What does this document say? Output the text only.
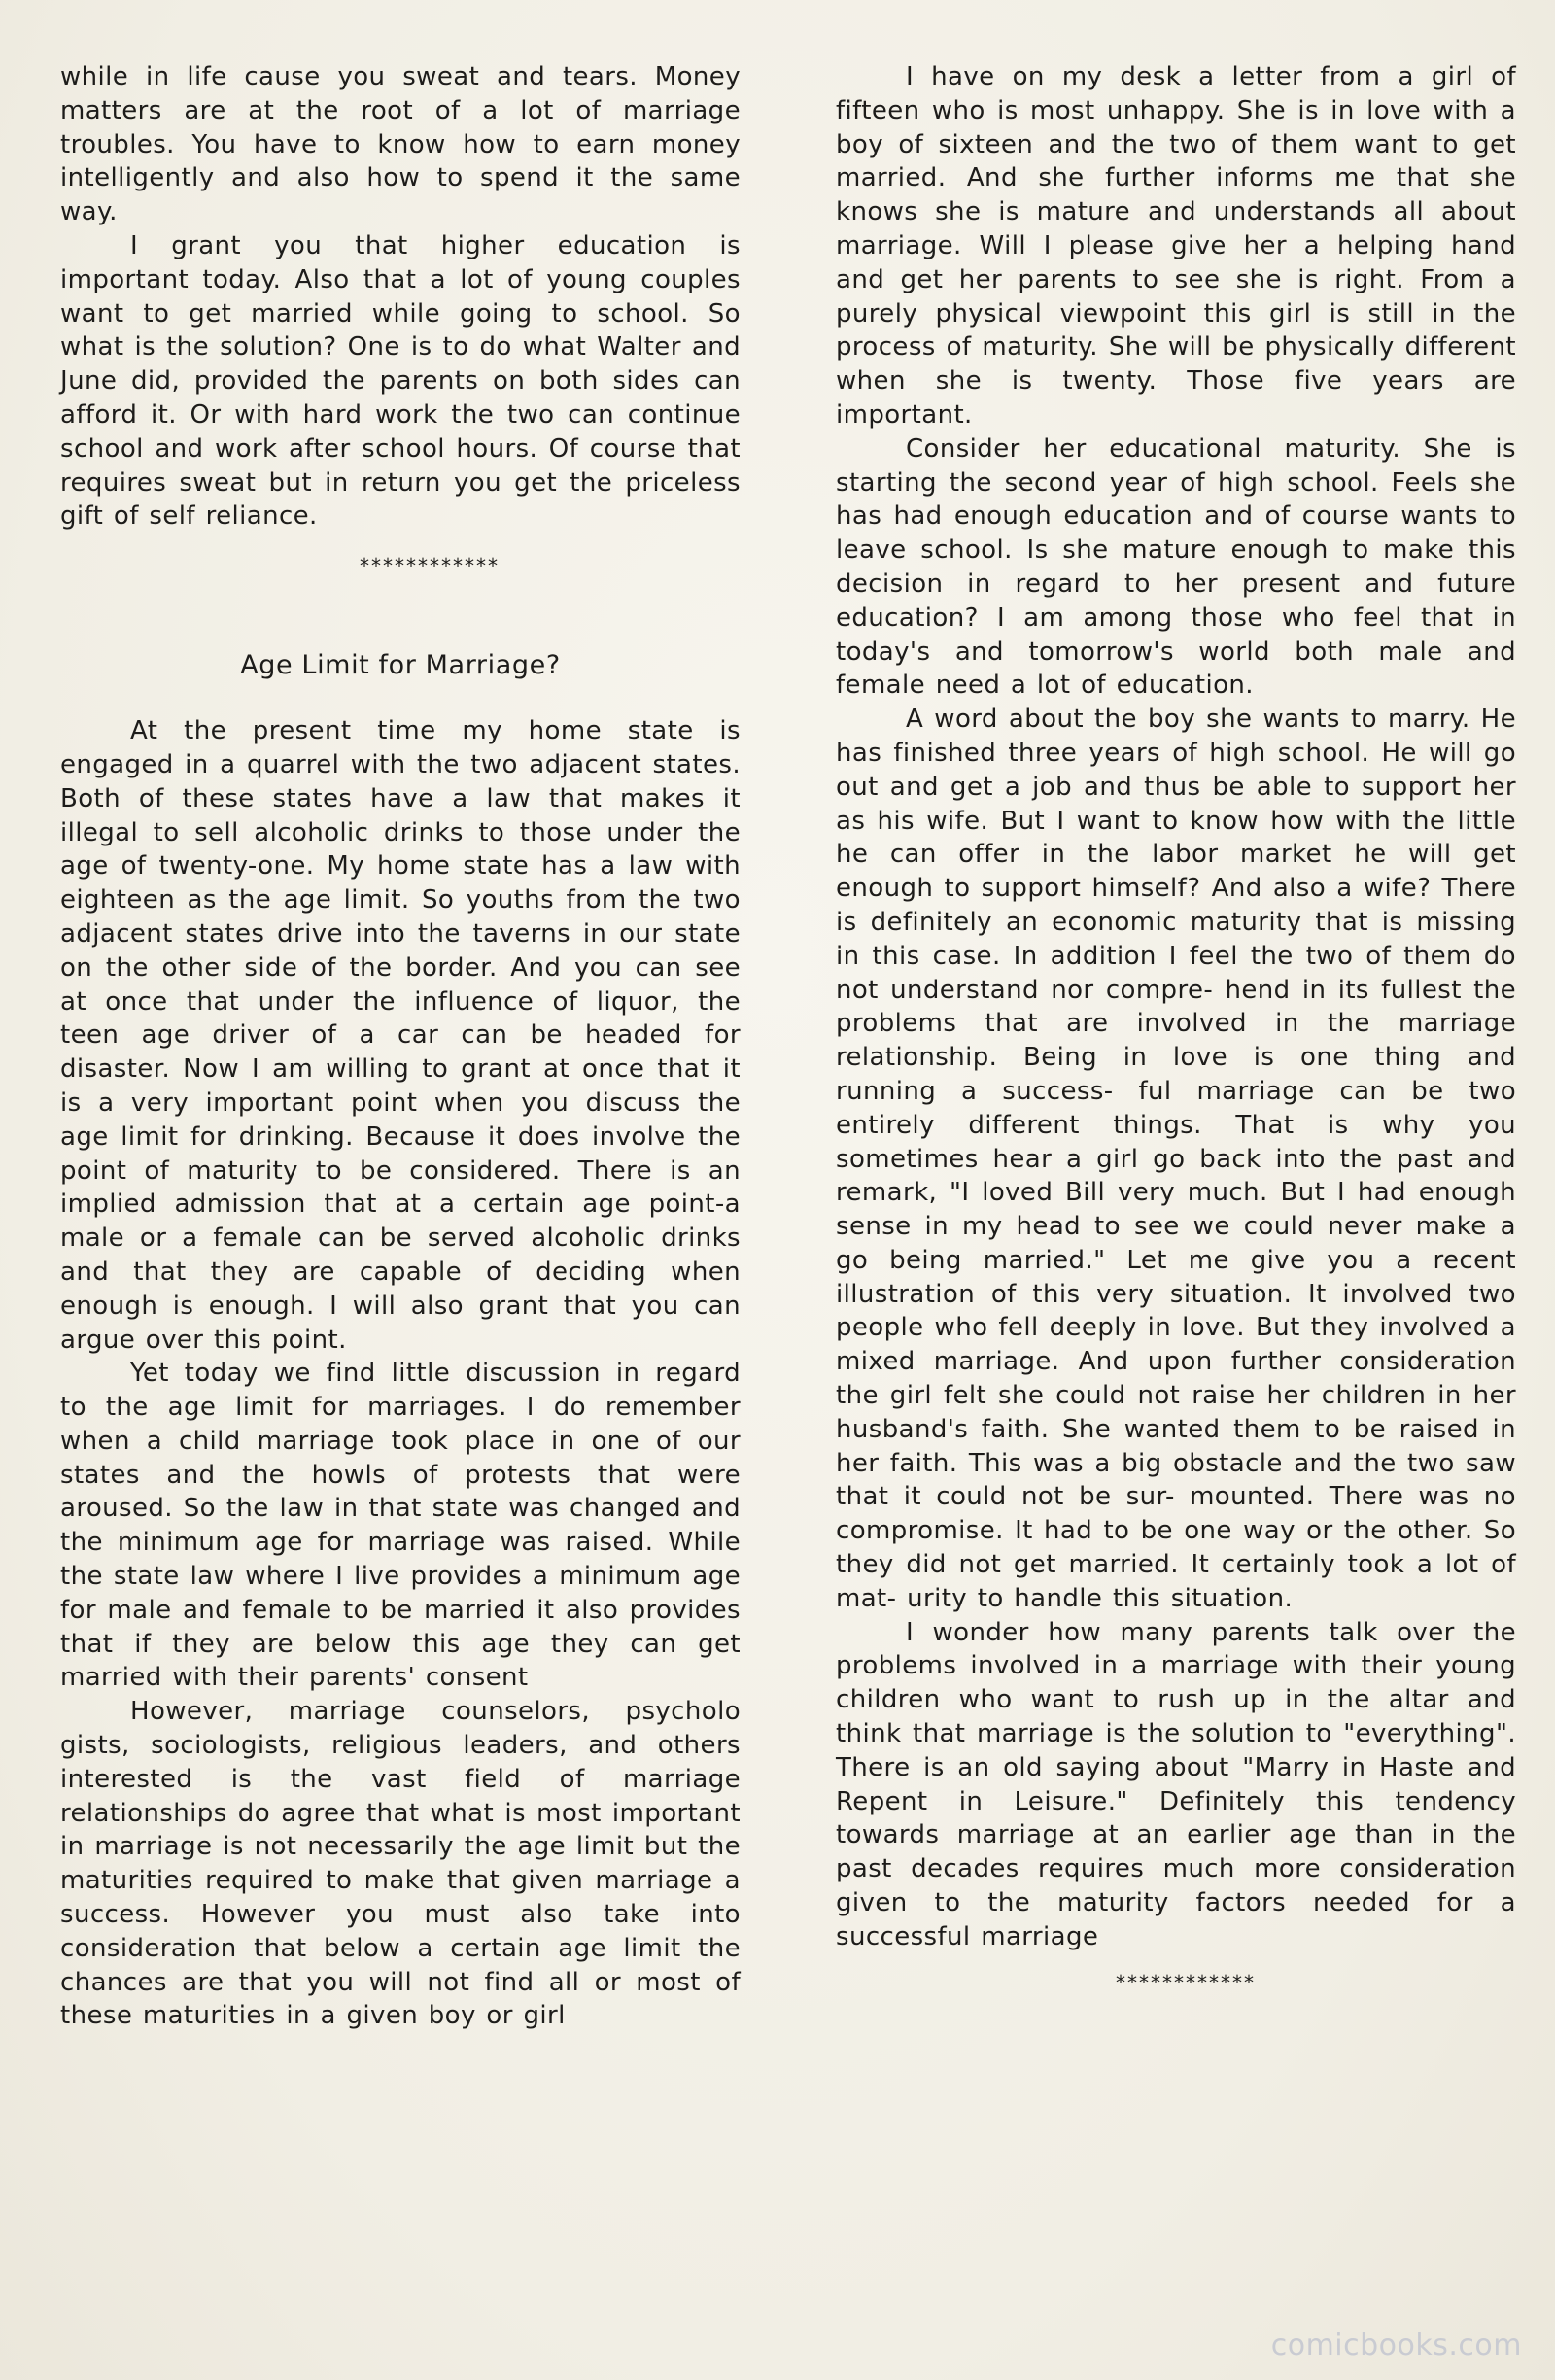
while in life cause you sweat and tears. Money matters are at the root of a lot of marriage troubles. You have to know how to earn money intelligently and also how to spend it the same way.

I grant you that higher education is important today. Also that a lot of young couples want to get married while going to school. So what is the solution? One is to do what Walter and June did, provided the parents on both sides can afford it. Or with hard work the two can continue school and work after school hours. Of course that requires sweat but in return you get the priceless gift of self reliance.

************
Age Limit for Marriage?

At the present time my home state is engaged in a quarrel with the two adjacent states. Both of these states have a law that makes it illegal to sell alcoholic drinks to those under the age of twenty-one. My home state has a law with eighteen as the age limit. So youths from the two adjacent states drive into the taverns in our state on the other side of the border. And you can see at once that under the influence of liquor, the teen age driver of a car can be headed for disaster. Now I am willing to grant at once that it is a very important point when you discuss the age limit for drinking. Because it does involve the point of maturity to be considered. There is an implied admission that at a certain age point-a male or a female can be served alcoholic drinks and that they are capable of deciding when enough is enough. I will also grant that you can argue over this point.

Yet today we find little discussion in regard to the age limit for marriages. I do remember when a child marriage took place in one of our states and the howls of protests that were aroused. So the law in that state was changed and the minimum age for marriage was raised. While the state law where I live provides a minimum age for male and female to be married it also provides that if they are below this age they can get married with their parents' consent

However, marriage counselors, psycholo gists, sociologists, religious leaders, and others interested is the vast field of marriage relationships do agree that what is most important in marriage is not necessarily the age limit but the maturities required to make that given marriage a success. However you must also take into consideration that below a certain age limit the chances are that you will not find all or most of these maturities in a given boy or girl

I have on my desk a letter from a girl of fifteen who is most unhappy. She is in love with a boy of sixteen and the two of them want to get married. And she further informs me that she knows she is mature and understands all about marriage. Will I please give her a helping hand and get her parents to see she is right. From a purely physical viewpoint this girl is still in the process of maturity. She will be physically different when she is twenty. Those five years are important.

Consider her educational maturity. She is starting the second year of high school. Feels she has had enough education and of course wants to leave school. Is she mature enough to make this decision in regard to her present and future education? I am among those who feel that in today's and tomorrow's world both male and female need a lot of education.

A word about the boy she wants to marry. He has finished three years of high school. He will go out and get a job and thus be able to support her as his wife. But I want to know how with the little he can offer in the labor market he will get enough to support himself? And also a wife? There is definitely an economic maturity that is missing in this case. In addition I feel the two of them do not understand nor compre- hend in its fullest the problems that are involved in the marriage relationship. Being in love is one thing and running a success- ful marriage can be two entirely different things. That is why you sometimes hear a girl go back into the past and remark, "I loved Bill very much. But I had enough sense in my head to see we could never make a go being married." Let me give you a recent illustration of this very situation. It involved two people who fell deeply in love. But they involved a mixed marriage. And upon further consideration the girl felt she could not raise her children in her husband's faith. She wanted them to be raised in her faith. This was a big obstacle and the two saw that it could not be sur- mounted. There was no compromise. It had to be one way or the other. So they did not get married. It certainly took a lot of mat- urity to handle this situation.

I wonder how many parents talk over the problems involved in a marriage with their young children who want to rush up in the altar and think that marriage is the solution to "everything". There is an old saying about "Marry in Haste and Repent in Leisure." Definitely this tendency towards marriage at an earlier age than in the past decades requires much more consideration given to the maturity factors needed for a successful marriage

************
comicbooks.com
